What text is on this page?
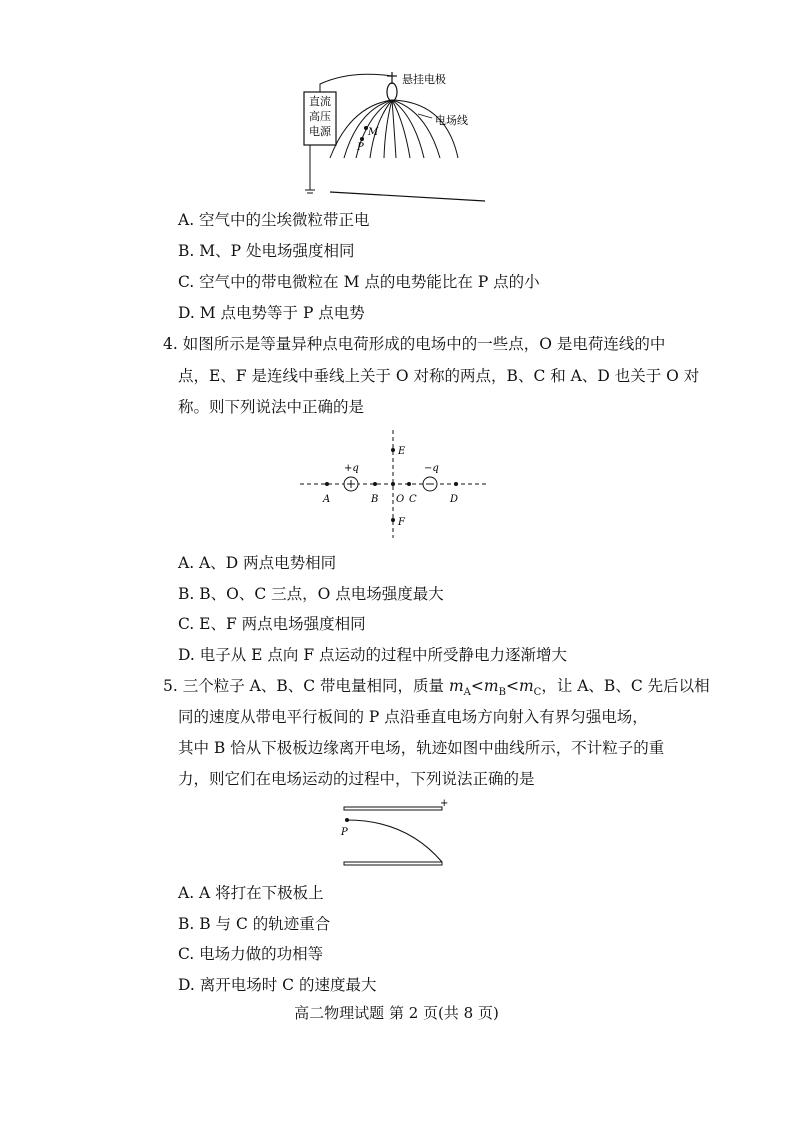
直流
高压
电源
悬挂电极
电场线
M
P
A. 空气中的尘埃微粒带正电
B. M、P 处电场强度相同
C. 空气中的带电微粒在 M 点的电势能比在 P 点的小
D. M 点电势等于 P 点电势
4. 如图所示是等量异种点电荷形成的电场中的一些点，O 是电荷连线的中
点，E、F 是连线中垂线上关于 O 对称的两点，B、C 和 A、D 也关于 O 对
称。则下列说法中正确的是
+q	−q
A	B O C	D
E
F
A. A、D 两点电势相同
B. B、O、C 三点，O 点电场强度最大
C. E、F 两点电场强度相同
D. 电子从 E 点向 F 点运动的过程中所受静电力逐渐增大
5. 三个粒子 A、B、C 带电量相同，质量 $m_A<m_B<m_C$，让 A、B、C 先后以相
同的速度从带电平行板间的 P 点沿垂直电场方向射入有界匀强电场，
其中 B 恰从下极板边缘离开电场，轨迹如图中曲线所示，不计粒子的重
力，则它们在电场运动的过程中，下列说法正确的是
+
P
A. A 将打在下极板上
B. B 与 C 的轨迹重合
C. 电场力做的功相等
D. 离开电场时 C 的速度最大
高二物理试题 第 2 页(共 8 页)
